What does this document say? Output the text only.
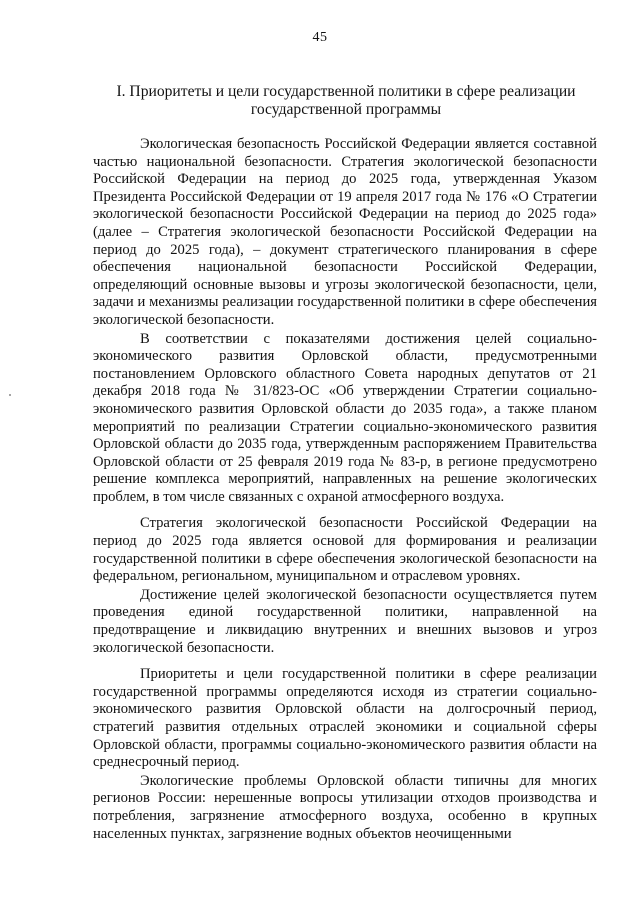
45
I. Приоритеты и цели государственной политики в сфере реализации
государственной программы

Экологическая безопасность Российской Федерации является составной частью национальной безопасности. Стратегия экологической безопасности Российской Федерации на период до 2025 года, утвержденная Указом Президента Российской Федерации от 19 апреля 2017 года № 176 «О Стратегии экологической безопасности Российской Федерации на период до 2025 года» (далее – Стратегия экологической безопасности Российской Федерации на период до 2025 года), – документ стратегического планирования в сфере обеспечения национальной безопасности Российской Федерации, определяющий основные вызовы и угрозы экологической безопасности, цели, задачи и механизмы реализации государственной политики в сфере обеспечения экологической безопасности.

В соответствии с показателями достижения целей социально-экономического развития Орловской области, предусмотренными постановлением Орловского областного Совета народных депутатов от 21 декабря 2018 года № 31/823-ОС «Об утверждении Стратегии социально-экономического развития Орловской области до 2035 года», а также планом мероприятий по реализации Стратегии социально-экономического развития Орловской области до 2035 года, утвержденным распоряжением Правительства Орловской области от 25 февраля 2019 года № 83-р, в регионе предусмотрено решение комплекса мероприятий, направленных на решение экологических проблем, в том числе связанных с охраной атмосферного воздуха.

Стратегия экологической безопасности Российской Федерации на период до 2025 года является основой для формирования и реализации государственной политики в сфере обеспечения экологической безопасности на федеральном, региональном, муниципальном и отраслевом уровнях.

Достижение целей экологической безопасности осуществляется путем проведения единой государственной политики, направленной на предотвращение и ликвидацию внутренних и внешних вызовов и угроз экологической безопасности.

Приоритеты и цели государственной политики в сфере реализации государственной программы определяются исходя из стратегии социально-экономического развития Орловской области на долгосрочный период, стратегий развития отдельных отраслей экономики и социальной сферы Орловской области, программы социально-экономического развития области на среднесрочный период.

Экологические проблемы Орловской области типичны для многих регионов России: нерешенные вопросы утилизации отходов производства и потребления, загрязнение атмосферного воздуха, особенно в крупных населенных пунктах, загрязнение водных объектов неочищенными
